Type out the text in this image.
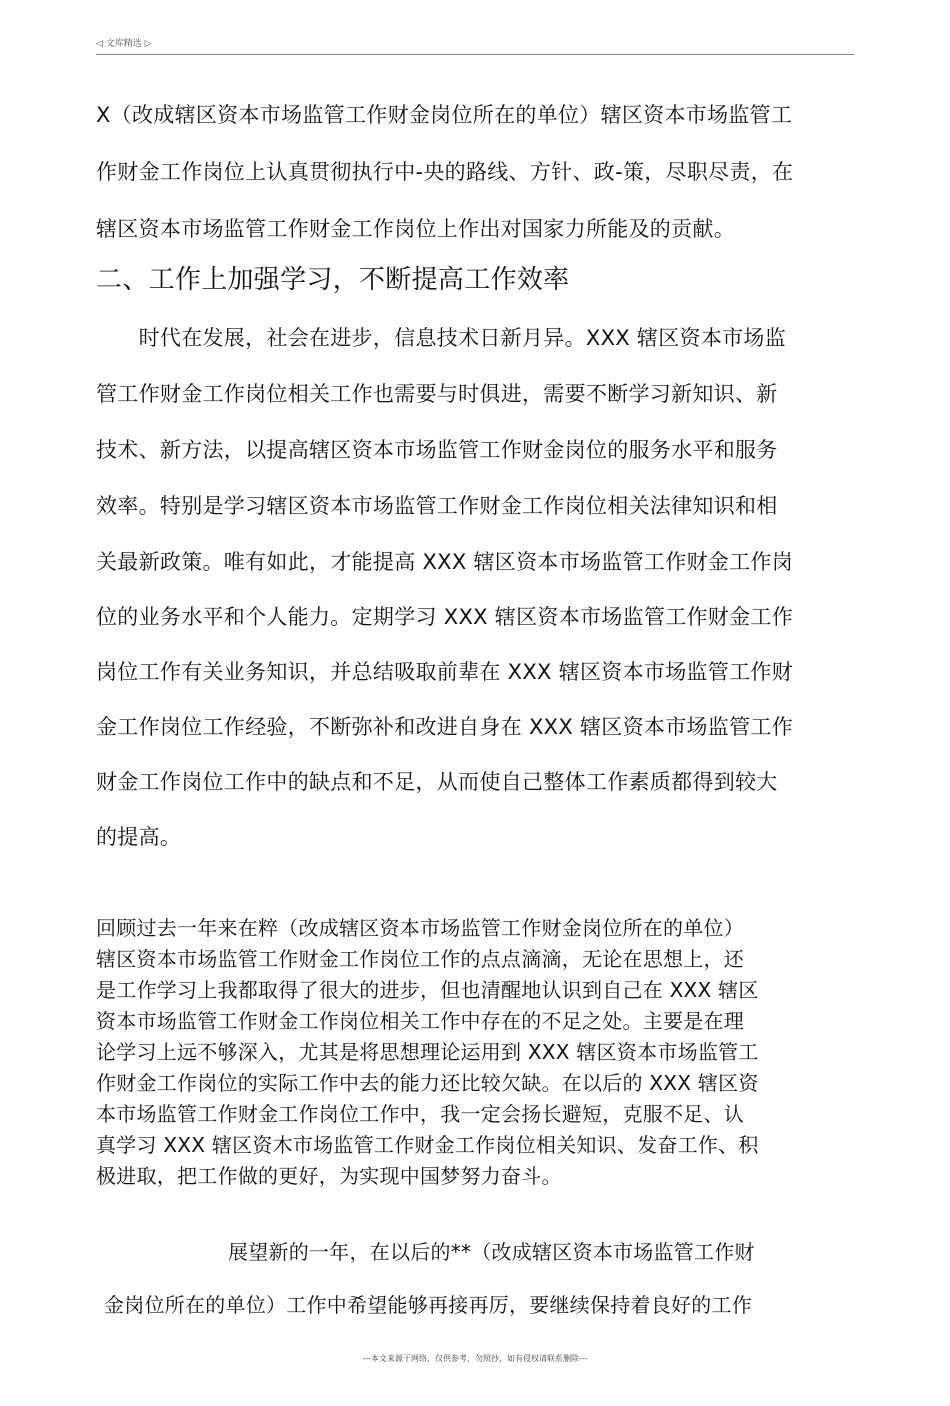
◁ 文库精选 ▷
X（改成辖区资本市场监管工作财金岗位所在的单位）辖区资本市场监管工
作财金工作岗位上认真贯彻执行中-央的路线、方针、政-策，尽职尽责，在
辖区资本市场监管工作财金工作岗位上作出对国家力所能及的贡献。
二、工作上加强学习，不断提高工作效率
　　时代在发展，社会在进步，信息技术日新月异。XXX 辖区资本市场监
管工作财金工作岗位相关工作也需要与时俱进，需要不断学习新知识、新
技术、新方法，以提高辖区资本市场监管工作财金岗位的服务水平和服务
效率。特别是学习辖区资本市场监管工作财金工作岗位相关法律知识和相
关最新政策。唯有如此，才能提高 XXX 辖区资本市场监管工作财金工作岗
位的业务水平和个人能力。定期学习 XXX 辖区资本市场监管工作财金工作
岗位工作有关业务知识，并总结吸取前辈在 XXX 辖区资本市场监管工作财
金工作岗位工作经验，不断弥补和改进自身在 XXX 辖区资本市场监管工作
财金工作岗位工作中的缺点和不足，从而使自己整体工作素质都得到较大
的提高。
回顾过去一年来在粹（改成辖区资本市场监管工作财金岗位所在的单位）
辖区资本市场监管工作财金工作岗位工作的点点滴滴，无论在思想上，还
是工作学习上我都取得了很大的进步，但也清醒地认识到自己在 XXX 辖区
资本市场监管工作财金工作岗位相关工作中存在的不足之处。主要是在理
论学习上远不够深入，尤其是将思想理论运用到 XXX 辖区资本市场监管工
作财金工作岗位的实际工作中去的能力还比较欠缺。在以后的 XXX 辖区资
本市场监管工作财金工作岗位工作中，我一定会扬长避短，克服不足、认
真学习 XXX 辖区资木市场监管工作财金工作岗位相关知识、发奋工作、积
极进取，把工作做的更好，为实现中国梦努力奋斗。
展望新的一年，在以后的**（改成辖区资本市场监管工作财
金岗位所在的单位）工作中希望能够再接再厉，要继续保持着良好的工作
---本文来源于网络，仅供参考，勿照抄，如有侵权请联系删除---
